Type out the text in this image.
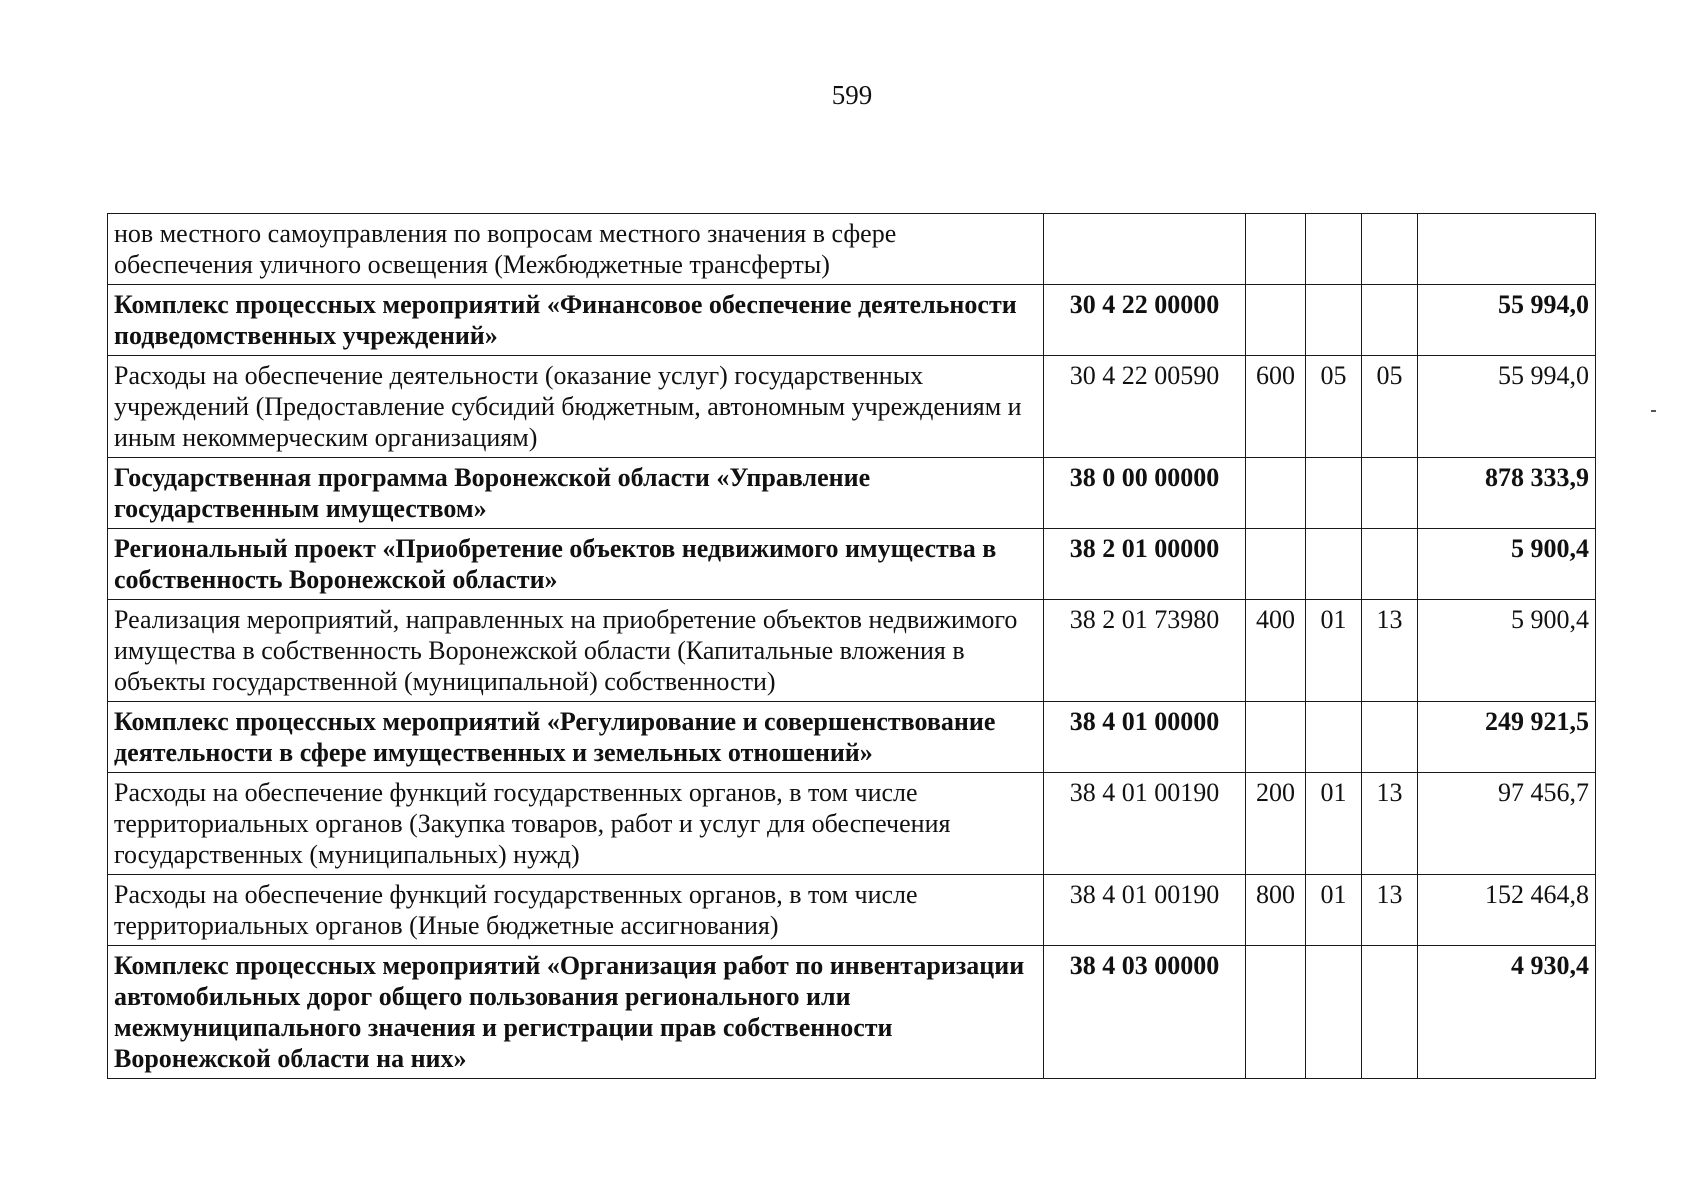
599
нов местного самоуправления по вопросам местного значения в сфере обеспечения уличного освещения (Межбюджетные трансферты)					
Комплекс процессных мероприятий «Финансовое обеспечение деятельности подведомственных учреждений»	30 4 22 00000				55 994,0
Расходы на обеспечение деятельности (оказание услуг) государственных учреждений (Предоставление субсидий бюджетным, автономным учреждениям и иным некоммерческим организациям)	30 4 22 00590	600	05	05	55 994,0
Государственная программа Воронежской области «Управление государственным имуществом»	38 0 00 00000				878 333,9
Региональный проект «Приобретение объектов недвижимого имущества в собственность Воронежской области»	38 2 01 00000				5 900,4
Реализация мероприятий, направленных на приобретение объектов недвижимого имущества в собственность Воронежской области (Капитальные вложения в объекты государственной (муниципальной) собственности)	38 2 01 73980	400	01	13	5 900,4
Комплекс процессных мероприятий «Регулирование и совершенствование деятельности в сфере имущественных и земельных отношений»	38 4 01 00000				249 921,5
Расходы на обеспечение функций государственных органов, в том числе территориальных органов (Закупка товаров, работ и услуг для обеспечения государственных (муниципальных) нужд)	38 4 01 00190	200	01	13	97 456,7
Расходы на обеспечение функций государственных органов, в том числе территориальных органов (Иные бюджетные ассигнования)	38 4 01 00190	800	01	13	152 464,8
Комплекс процессных мероприятий «Организация работ по инвентаризации автомобильных дорог общего пользования регионального или межмуниципального значения и регистрации прав собственности Воронежской области на них»	38 4 03 00000				4 930,4
